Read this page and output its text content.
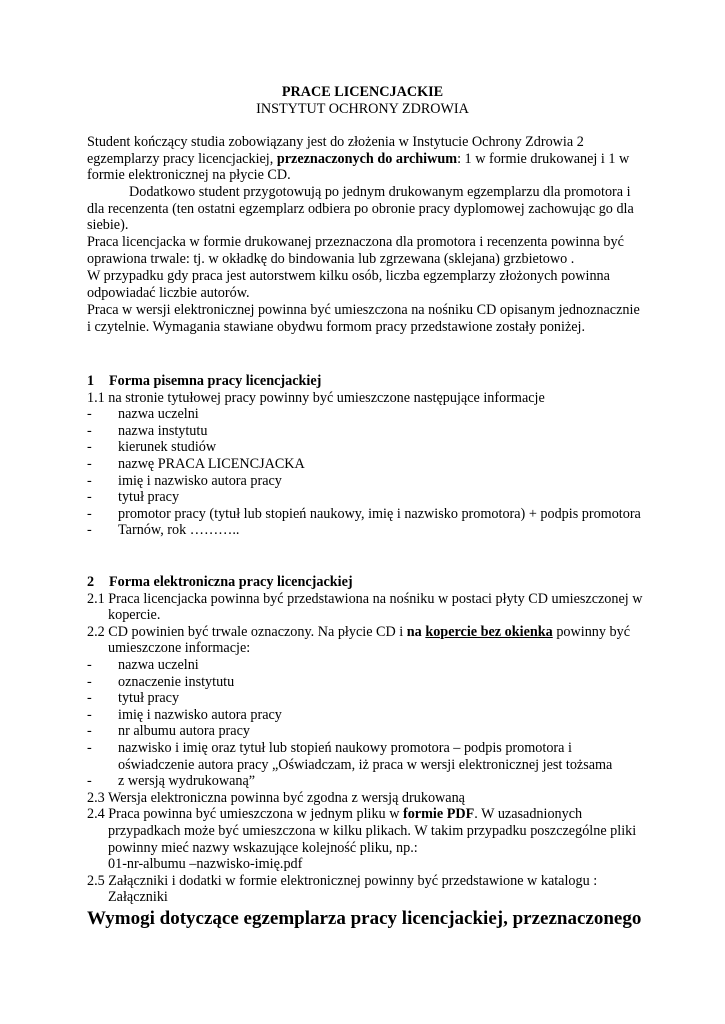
PRACE LICENCJACKIE
INSTYTUT OCHRONY ZDROWIA
Student kończący studia zobowiązany jest do złożenia w Instytucie Ochrony Zdrowia 2 egzemplarzy pracy licencjackiej, przeznaczonych do archiwum: 1 w formie drukowanej i 1 w formie elektronicznej na płycie CD.
Dodatkowo student przygotowują po jednym drukowanym egzemplarzu dla promotora i dla recenzenta (ten ostatni egzemplarz odbiera po obronie pracy dyplomowej zachowując go dla siebie).
Praca licencjacka w formie drukowanej przeznaczona dla promotora i recenzenta powinna być oprawiona trwale: tj. w okładkę do bindowania lub zgrzewana (sklejana) grzbietowo .
W przypadku gdy praca jest autorstwem kilku osób, liczba egzemplarzy złożonych powinna odpowiadać liczbie autorów.
Praca w wersji elektronicznej powinna być umieszczona na nośniku CD opisanym jednoznacznie i czytelnie. Wymagania stawiane obydwu formom pracy przedstawione zostały poniżej.
1 Forma pisemna pracy licencjackiej
1.1 na stronie tytułowej pracy powinny być umieszczone następujące informacje
- nazwa uczelni
- nazwa instytutu
- kierunek studiów
- nazwę PRACA LICENCJACKA
- imię i nazwisko autora pracy
- tytuł pracy
- promotor pracy (tytuł lub stopień naukowy, imię i nazwisko promotora) + podpis promotora
- Tarnów, rok ………..
2 Forma elektroniczna pracy licencjackiej
2.1 Praca licencjacka powinna być przedstawiona na nośniku w postaci płyty CD umieszczonej w kopercie.
2.2 CD powinien być trwale oznaczony. Na płycie CD i na kopercie bez okienka powinny być umieszczone informacje:
- nazwa uczelni
- oznaczenie instytutu
- tytuł pracy
- imię i nazwisko autora pracy
- nr albumu autora pracy
- nazwisko i imię oraz tytuł lub stopień naukowy promotora – podpis promotora i oświadczenie autora pracy „Oświadczam, iż praca w wersji elektronicznej jest tożsama
- z wersją wydrukowaną”
2.3 Wersja elektroniczna powinna być zgodna z wersją drukowaną
2.4 Praca powinna być umieszczona w jednym pliku w formie PDF. W uzasadnionych przypadkach może być umieszczona w kilku plikach. W takim przypadku poszczególne pliki powinny mieć nazwy wskazujące kolejność pliku, np.:
01-nr-albumu –nazwisko-imię.pdf
2.5 Załączniki i dodatki w formie elektronicznej powinny być przedstawione w katalogu : Załączniki
Wymogi dotyczące egzemplarza pracy licencjackiej, przeznaczonego
